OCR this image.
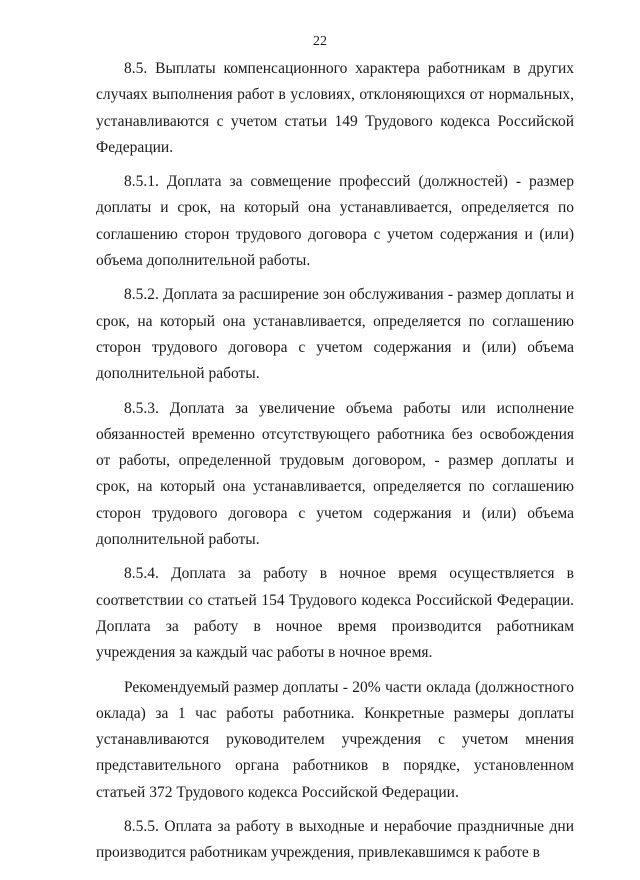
22

8.5. Выплаты компенсационного характера работникам в других случаях выполнения работ в условиях, отклоняющихся от нормальных, устанавливаются с учетом статьи 149 Трудового кодекса Российской Федерации.

8.5.1. Доплата за совмещение профессий (должностей) - размер доплаты и срок, на который она устанавливается, определяется по соглашению сторон трудового договора с учетом содержания и (или) объема дополнительной работы.

8.5.2. Доплата за расширение зон обслуживания - размер доплаты и срок, на который она устанавливается, определяется по соглашению сторон трудового договора с учетом содержания и (или) объема дополнительной работы.

8.5.3. Доплата за увеличение объема работы или исполнение обязанностей временно отсутствующего работника без освобождения от работы, определенной трудовым договором, - размер доплаты и срок, на который она устанавливается, определяется по соглашению сторон трудового договора с учетом содержания и (или) объема дополнительной работы.

8.5.4. Доплата за работу в ночное время осуществляется в соответствии со статьей 154 Трудового кодекса Российской Федерации. Доплата за работу в ночное время производится работникам учреждения за каждый час работы в ночное время.

Рекомендуемый размер доплаты - 20% части оклада (должностного оклада) за 1 час работы работника. Конкретные размеры доплаты устанавливаются руководителем учреждения с учетом мнения представительного органа работников в порядке, установленном статьей 372 Трудового кодекса Российской Федерации.

8.5.5. Оплата за работу в выходные и нерабочие праздничные дни производится работникам учреждения, привлекавшимся к работе в
